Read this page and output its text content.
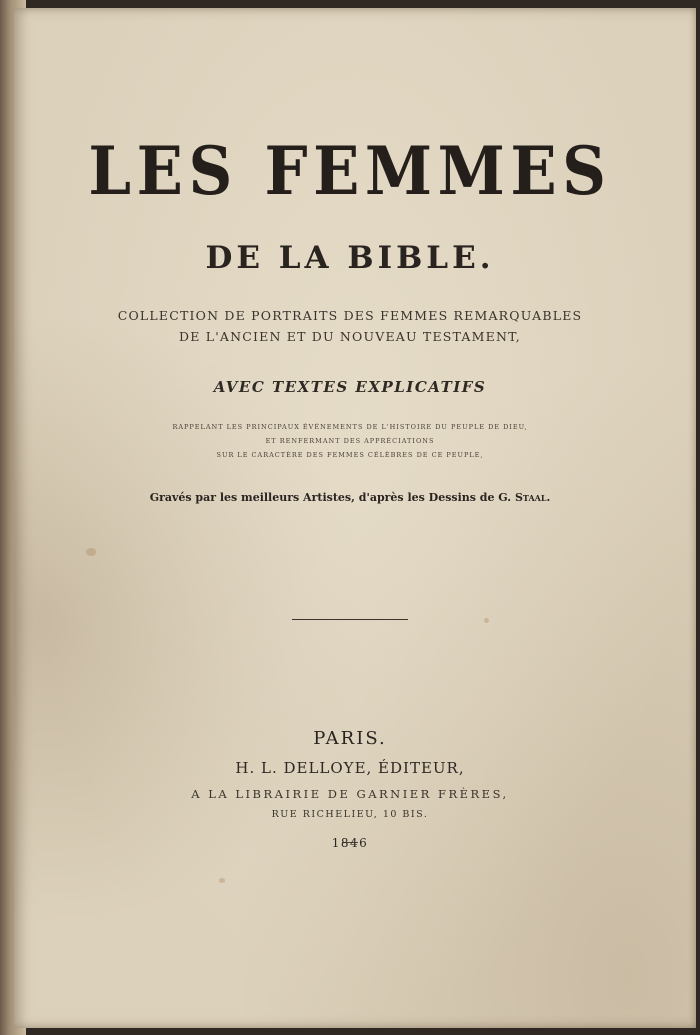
LES FEMMES
DE LA BIBLE.
COLLECTION DE PORTRAITS DES FEMMES REMARQUABLES
DE L'ANCIEN ET DU NOUVEAU TESTAMENT,
AVEC TEXTES EXPLICATIFS
RAPPELANT LES PRINCIPAUX ÉVÉNEMENTS DE L'HISTOIRE DU PEUPLE DE DIEU,
ET RENFERMANT DES APPRÉCIATIONS
SUR LE CARACTÈRE DES FEMMES CÉLÈBRES DE CE PEUPLE,
Gravés par les meilleurs Artistes, d'après les Dessins de G. Staal.
PARIS.
H. L. DELLOYE, ÉDITEUR,
A LA LIBRAIRIE DE GARNIER FRÈRES,
RUE RICHELIEU, 10 BIS.
1846
